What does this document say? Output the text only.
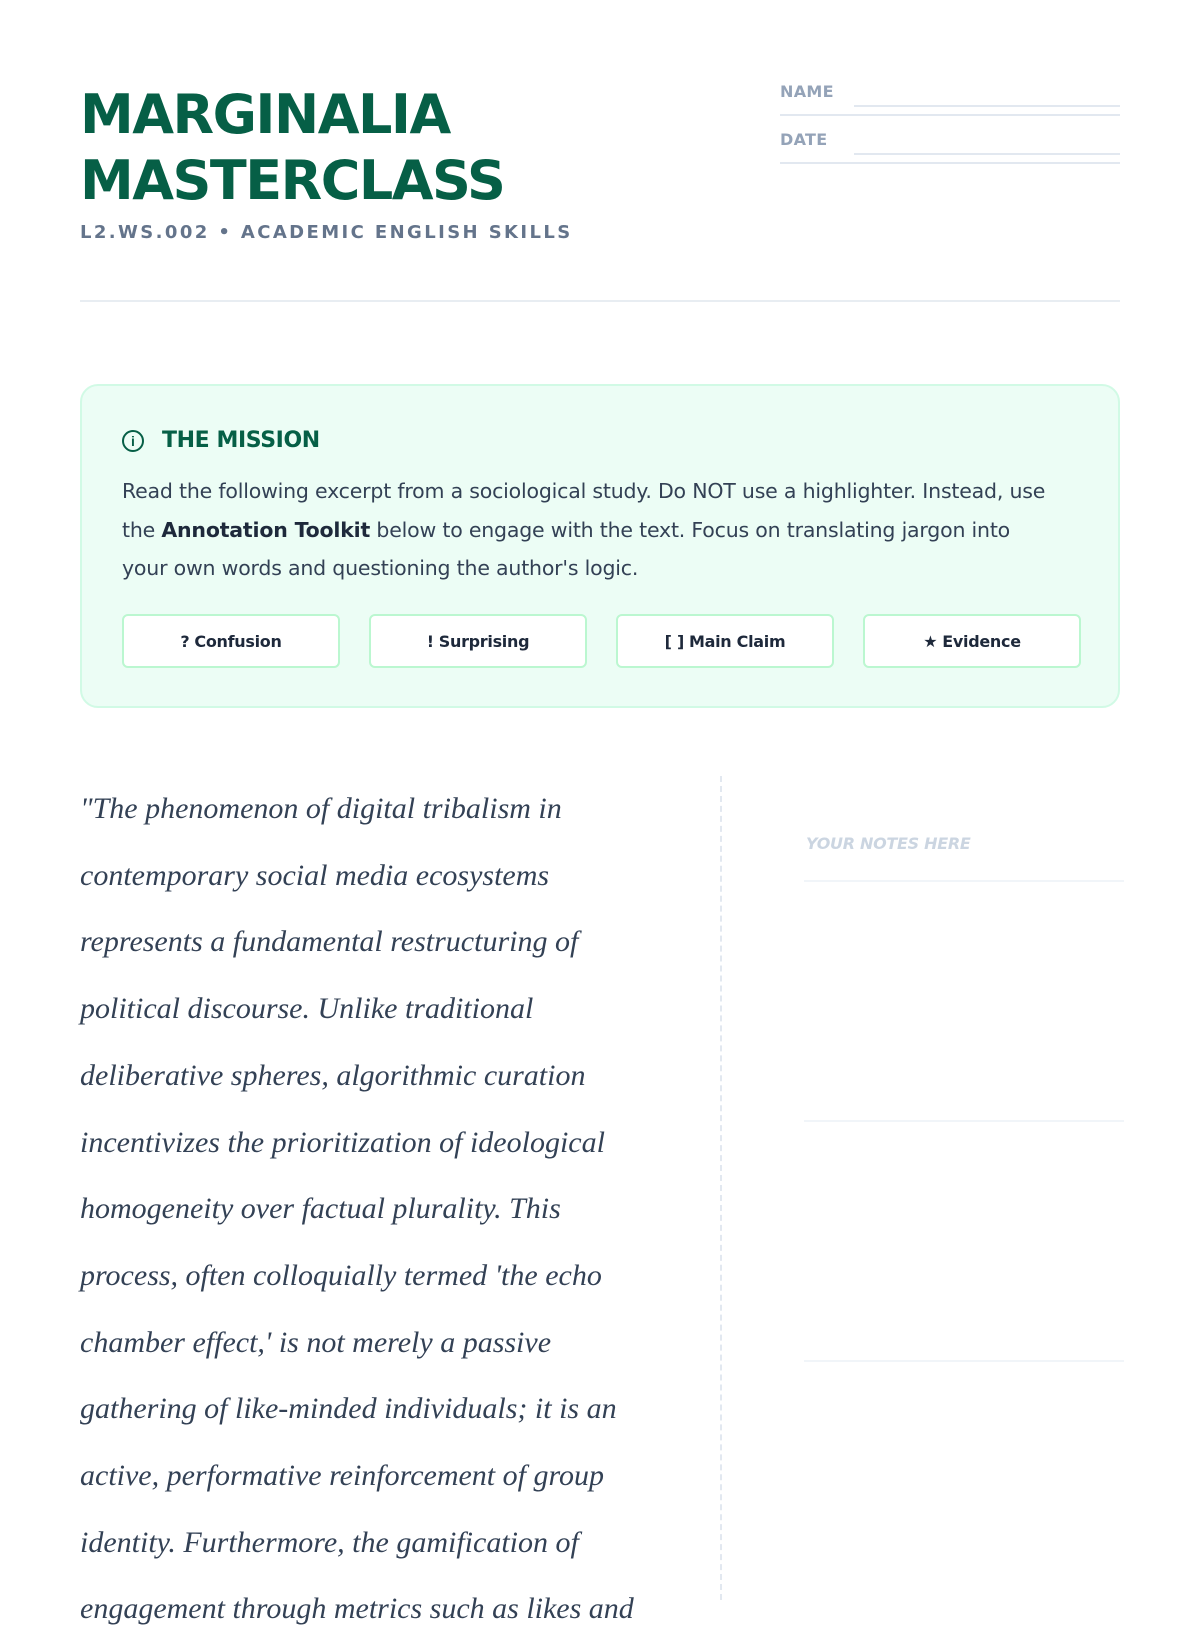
MARGINALIA
MASTERCLASS
L2.WS.002 • ACADEMIC ENGLISH SKILLS
NAME
DATE
i	THE MISSION

Read the following excerpt from a sociological study. Do NOT use a highlighter. Instead, use the Annotation Toolkit below to engage with the text. Focus on translating jargon into your own words and questioning the author's logic.

? Confusion	! Surprising	[ ] Main Claim	★ Evidence
"The phenomenon of digital tribalism in
contemporary social media ecosystems
represents a fundamental restructuring of
political discourse. Unlike traditional
deliberative spheres, algorithmic curation
incentivizes the prioritization of ideological
homogeneity over factual plurality. This
process, often colloquially termed 'the echo
chamber effect,' is not merely a passive
gathering of like-minded individuals; it is an
active, performative reinforcement of group
identity. Furthermore, the gamification of
engagement through metrics such as likes and
YOUR NOTES HERE
